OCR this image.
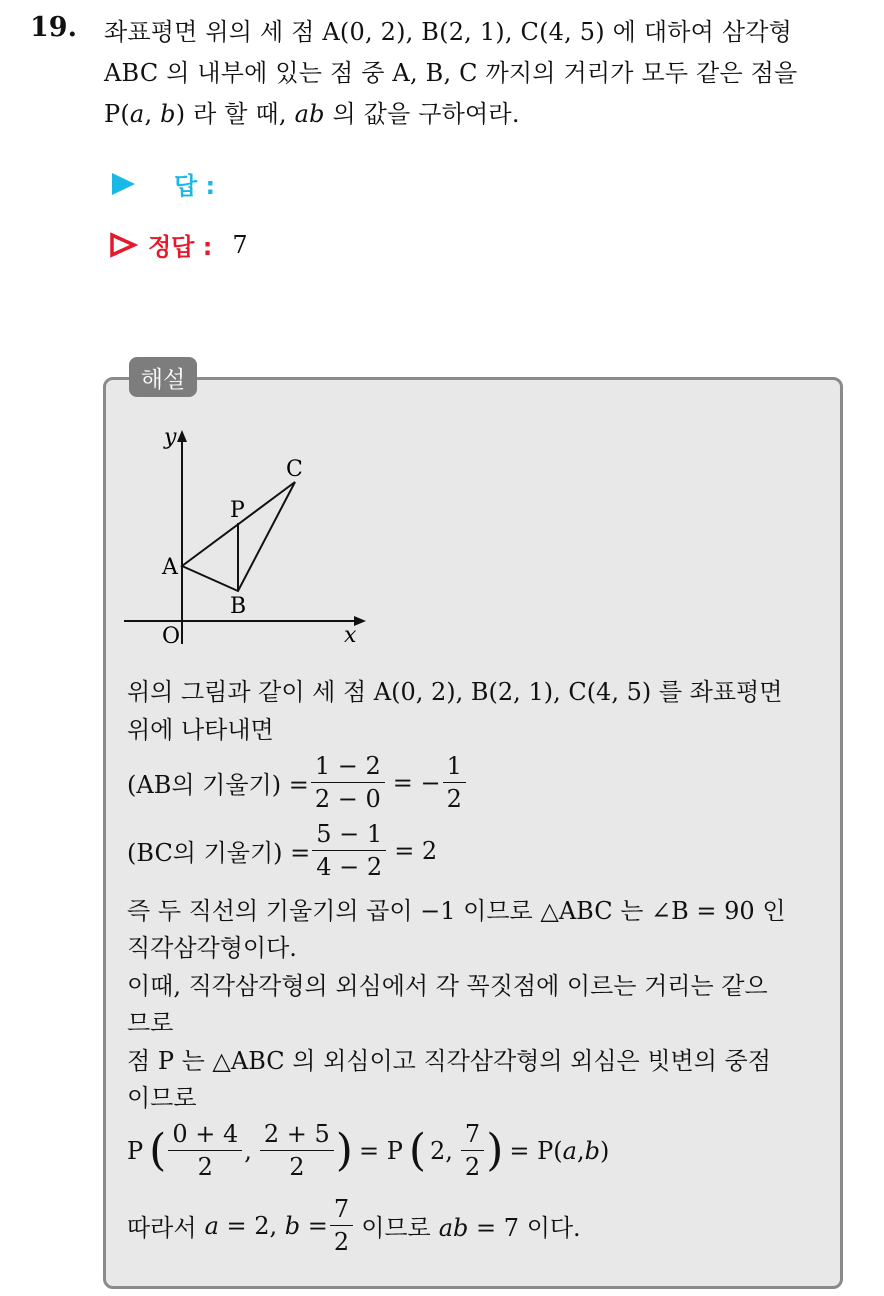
19. 좌표평면 위의 세 점 A(0, 2), B(2, 1), C(4, 5) 에 대하여 삼각형
ABC 의 내부에 있는 점 중 A, B, C 까지의 거리가 모두 같은 점을
P(a, b) 라 할 때, ab 의 값을 구하여라.
답 :
정답 : 7
해설
y
x
O
A
B
C
P
위의 그림과 같이 세 점 A(0, 2), B(2, 1), C(4, 5) 를 좌표평면
위에 나타내면
(AB의 기울기) = $\frac{1 - 2}{2 - 0}$ = − $\frac{1}{2}$
(BC의 기울기) = $\frac{5 - 1}{4 - 2} = 2$
즉 두 직선의 기울기의 곱이 −1 이므로 △ABC 는 ∠B = 90 인
직각삼각형이다.
이때, 직각삼각형의 외심에서 각 꼭짓점에 이르는 거리는 같으
므로
점 P 는 △ABC 의 외심이고 직각삼각형의 외심은 빗변의 중점
이므로
P ( $\frac{0 + 4}{2}$ , $\frac{2 + 5}{2}$ ) = P ( 2, $\frac{7}{2}$ ) = P( a , b )
따라서 a = 2, $b = \frac{7}{2}$ 이므로 ab = 7 이다.
